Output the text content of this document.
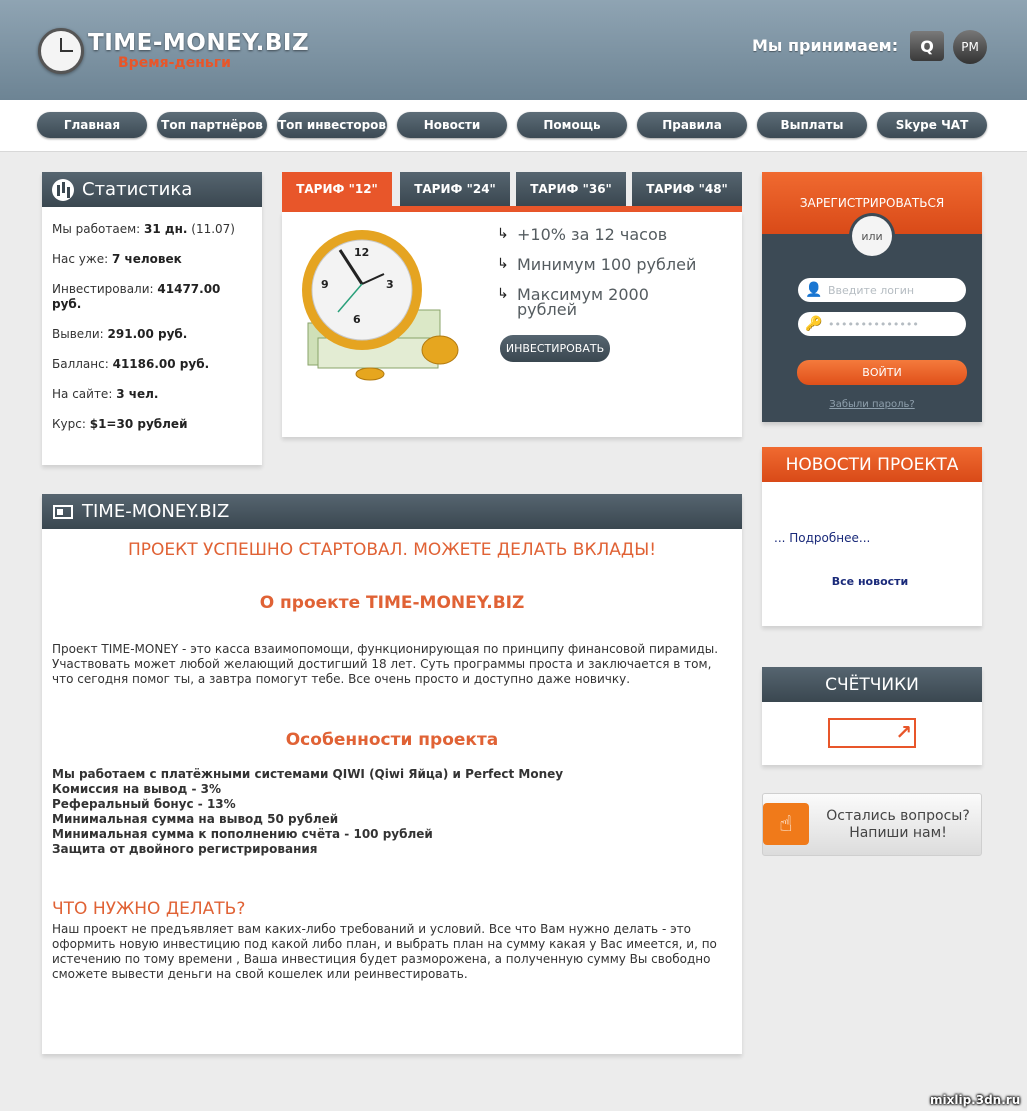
TIME-MONEY.BIZ
Время-деньги
Мы принимаем:	Q	PM
Главная	Топ партнёров	Топ инвесторов	Новости	Помощь	Правила	Выплаты	Skype ЧАТ
Статистика
Мы работаем: 31 дн. (11.07)
Нас уже: 7 человек
Инвестировали: 41477.00 руб.
Вывели: 291.00 руб.
Балланс: 41186.00 руб.
На сайте: 3 чел.
Курс: $1=30 рублей
ТАРИФ "12"	ТАРИФ "24"	ТАРИФ "36"	ТАРИФ "48"
12
3
6
9
↳ +10% за 12 часов
↳ Минимум 100 рублей
↳ Максимум 2000 рублей
ИНВЕСТИРОВАТЬ
ЗАРЕГИСТРИРОВАТЬСЯ
или
👤 Введите логин
🔑 ••••••••••••••
ВОЙТИ
Забыли пароль?
НОВОСТИ ПРОЕКТА
... Подробнее...
Все новости
СЧЁТЧИКИ
↗
☝	Остались вопросы?
Напиши нам!
TIME-MONEY.BIZ
ПРОЕКТ УСПЕШНО СТАРТОВАЛ. МОЖЕТЕ ДЕЛАТЬ ВКЛАДЫ!
О проекте TIME-MONEY.BIZ
Проект TIME-MONEY - это касса взаимопомощи, функционирующая по принципу финансовой пирамиды. Участвовать может любой желающий достигший 18 лет. Суть программы проста и заключается в том, что сегодня помог ты, а завтра помогут тебе. Все очень просто и доступно даже новичку.
Особенности проекта
Мы работаем с платёжными системами QIWI (Qiwi Яйца) и Perfect Money
Комиссия на вывод - 3%
Реферальный бонус - 13%
Минимальная сумма на вывод 50 рублей
Минимальная сумма к пополнению счёта - 100 рублей
Защита от двойного регистрирования
ЧТО НУЖНО ДЕЛАТЬ?
Наш проект не предъявляет вам каких-либо требований и условий. Все что Вам нужно делать - это оформить новую инвестицию под какой либо план, и выбрать план на сумму какая у Вас имеется, и, по истечению по тому времени , Ваша инвестиция будет разморожена, а полученную сумму Вы свободно сможете вывести деньги на свой кошелек или реинвестировать.
mixlip.3dn.ru
